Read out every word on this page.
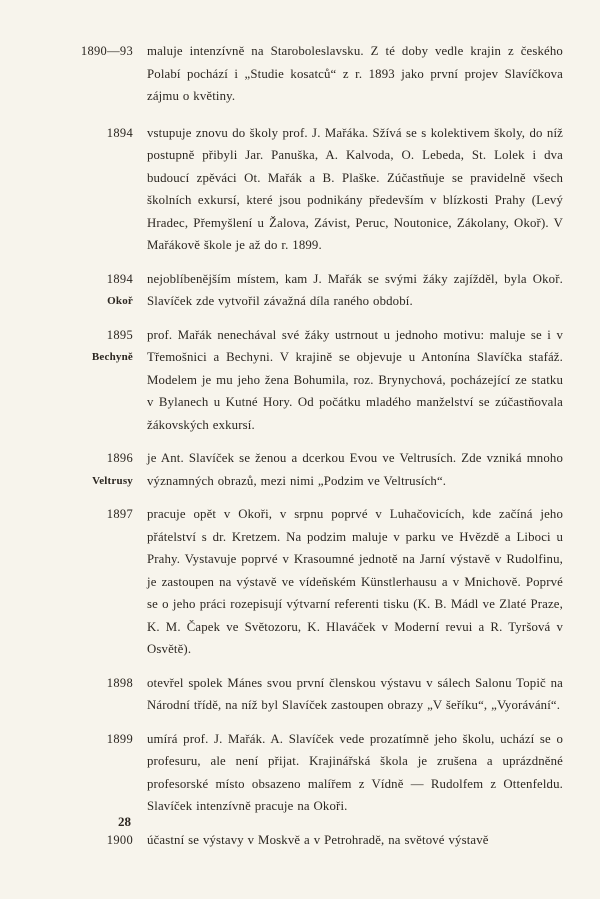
1890—93 maluje intenzívně na Staroboleslavsku. Z té doby vedle krajin z českého Polabí pochází i „Studie kosatců“ z r. 1893 jako první projev Slavíčkova zájmu o květiny.
1894 vstupuje znovu do školy prof. J. Mařáka. Sžívá se s kolektivem školy, do níž postupně přibyli Jar. Panuška, A. Kalvoda, O. Lebeda, St. Lolek i dva budoucí zpěváci Ot. Mařák a B. Plaške. Zúčastňuje se pravidelně všech školních exkursí, které jsou podnikány především v blízkosti Prahy (Levý Hradec, Přemyšlení u Žalova, Závist, Peruc, Noutonice, Zákolany, Okoř). V Mařákově škole je až do r. 1899.
1894
Okoř
nejoblíbenějším místem, kam J. Mařák se svými žáky zajížděl, byla Okoř. Slavíček zde vytvořil závažná díla raného období.
1895
Bechyně
prof. Mařák nenechával své žáky ustrnout u jednoho motivu: maluje se i v Třemošnici a Bechyni. V krajině se objevuje u Antonína Slavíčka stafáž. Modelem je mu jeho žena Bohumila, roz. Brynychová, pocházející ze statku v Bylanech u Kutné Hory. Od počátku mladého manželství se zúčastňovala žákovských exkursí.
1896
Veltrusy
je Ant. Slavíček se ženou a dcerkou Evou ve Veltrusích. Zde vzniká mnoho významných obrazů, mezi nimi „Podzim ve Veltrusích“.
1897 pracuje opět v Okoři, v srpnu poprvé v Luhačovicích, kde začíná jeho přátelství s dr. Kretzem. Na podzim maluje v parku ve Hvězdě a Liboci u Prahy. Vystavuje poprvé v Krasoumné jednotě na Jarní výstavě v Rudolfinu, je zastoupen na výstavě ve vídeňském Künstlerhausu a v Mnichově. Poprvé se o jeho práci rozepisují výtvarní referenti tisku (K. B. Mádl ve Zlaté Praze, K. M. Čapek ve Světozoru, K. Hlaváček v Moderní revui a R. Tyršová v Osvětě).
1898 otevřel spolek Mánes svou první členskou výstavu v sálech Salonu Topič na Národní třídě, na níž byl Slavíček zastoupen obrazy „V šeříku“, „Vyorávání“.
1899 umírá prof. J. Mařák. A. Slavíček vede prozatímně jeho školu, uchází se o profesuru, ale není přijat. Krajinářská škola je zrušena a uprázdněné profesorské místo obsazeno malířem z Vídně — Rudolfem z Ottenfeldu. Slavíček intenzívně pracuje na Okoři.
1900 účastní se výstavy v Moskvě a v Petrohradě, na světové výstavě
28
